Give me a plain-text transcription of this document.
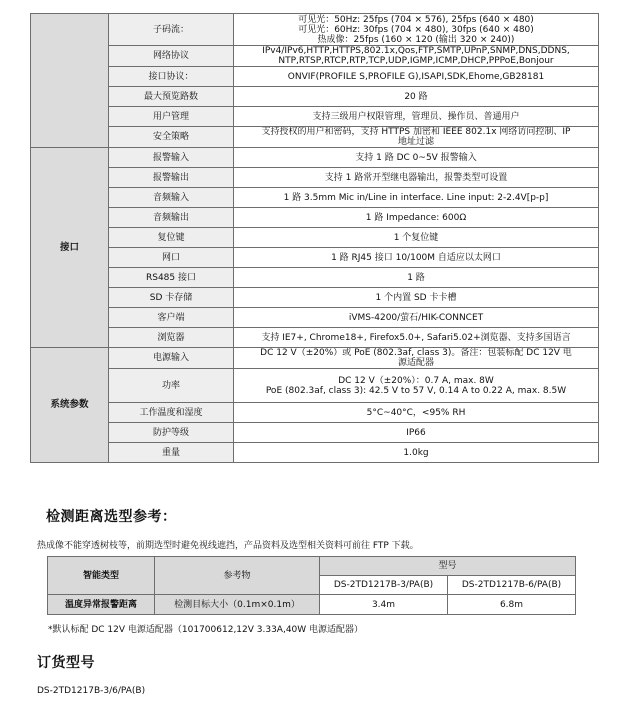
	子码流：	可见光：50Hz: 25fps (704 × 576), 25fps (640 × 480)
可见光：60Hz: 30fps (704 × 480), 30fps (640 × 480)
热成像：25fps (160 × 120 (输出 320 × 240))
	网络协议	IPv4/IPv6,HTTP,HTTPS,802.1x,Qos,FTP,SMTP,UPnP,SNMP,DNS,DDNS,
NTP,RTSP,RTCP,RTP,TCP,UDP,IGMP,ICMP,DHCP,PPPoE,Bonjour
	接口协议：	ONVIF(PROFILE S,PROFILE G),ISAPI,SDK,Ehome,GB28181
	最大预览路数	20 路
	用户管理	支持三级用户权限管理，管理员、操作员、普通用户
	安全策略	支持授权的用户和密码，支持 HTTPS 加密和 IEEE 802.1x 网络访问控制、IP
地址过滤
接口	报警输入	支持 1 路 DC 0~5V 报警输入
	报警输出	支持 1 路常开型继电器输出，报警类型可设置
	音频输入	1 路 3.5mm Mic in/Line in interface. Line input: 2-2.4V[p-p]
	音频输出	1 路 Impedance: 600Ω
	复位键	1 个复位键
	网口	1 路 RJ45 接口 10/100M 自适应以太网口
	RS485 接口	1 路
	SD 卡存储	1 个内置 SD 卡卡槽
	客户端	iVMS-4200/萤石/HIK-CONNCET
	浏览器	支持 IE7+, Chrome18+, Firefox5.0+, Safari5.02+浏览器、支持多国语言
系统参数	电源输入	DC 12 V（±20%）或 PoE (802.3af, class 3)。备注：包装标配 DC 12V 电
源适配器
	功率	DC 12 V（±20%）：0.7 A, max. 8W
PoE (802.3af, class 3): 42.5 V to 57 V, 0.14 A to 0.22 A, max. 8.5W
	工作温度和湿度	5°C~40°C，<95% RH
	防护等级	IP66
	重量	1.0kg
检测距离选型参考：
热成像不能穿透树枝等，前期选型时避免视线遮挡，产品资料及选型相关资料可前往 FTP 下载。
智能类型	参考物	型号	
		DS-2TD1217B-3/PA(B)	DS-2TD1217B-6/PA(B)
温度异常报警距离	检测目标大小（0.1m×0.1m）	3.4m	6.8m
*默认标配 DC 12V 电源适配器（101700612,12V 3.33A,40W 电源适配器）
订货型号
DS-2TD1217B-3/6/PA(B)
